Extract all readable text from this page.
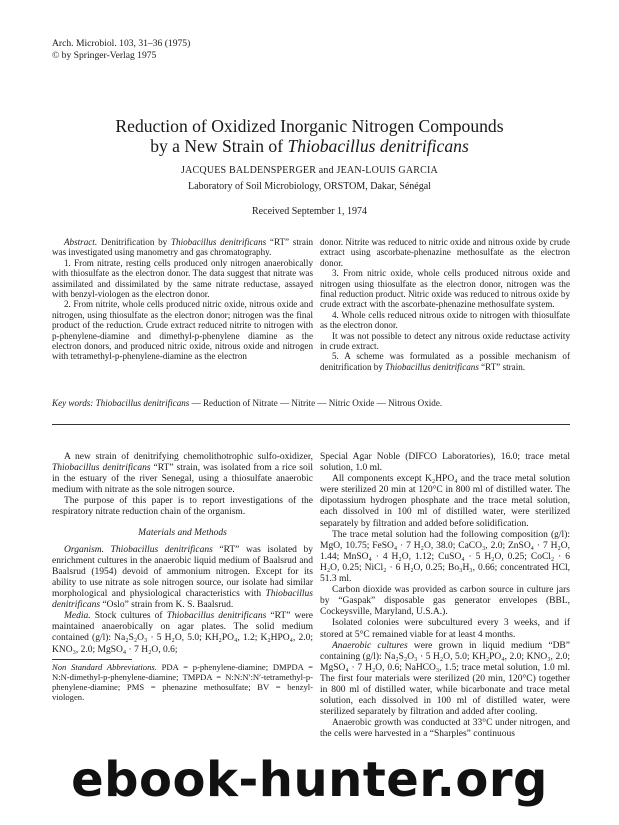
Arch. Microbiol. 103, 31–36 (1975)
© by Springer-Verlag 1975
Reduction of Oxidized Inorganic Nitrogen Compounds
by a New Strain of Thiobacillus denitrificans
JACQUES BALDENSPERGER and JEAN-LOUIS GARCIA
Laboratory of Soil Microbiology, ORSTOM, Dakar, Sénégal
Received September 1, 1974

Abstract. Denitrification by Thiobacillus denitrificans “RT” strain was investigated using manometry and gas chromatography.

1. From nitrate, resting cells produced only nitrogen anaerobically with thiosulfate as the electron donor. The data suggest that nitrate was assimilated and dissimilated by the same nitrate reductase, assayed with benzyl-viologen as the electron donor.

2. From nitrite, whole cells produced nitric oxide, nitrous oxide and nitrogen, using thiosulfate as the electron donor; nitrogen was the final product of the reduction. Crude extract reduced nitrite to nitrogen with p-phenylene-diamine and dimethyl-p-phenylene diamine as the electron donors, and produced nitric oxide, nitrous oxide and nitrogen with tetramethyl-p-phenylene-diamine as the electron

donor. Nitrite was reduced to nitric oxide and nitrous oxide by crude extract using ascorbate-phenazine methosulfate as the electron donor.

3. From nitric oxide, whole cells produced nitrous oxide and nitrogen using thiosulfate as the electron donor, nitrogen was the final reduction product. Nitric oxide was reduced to nitrous oxide by crude extract with the ascorbate-phenazine methosulfate system.

4. Whole cells reduced nitrous oxide to nitrogen with thiosulfate as the electron donor.

It was not possible to detect any nitrous oxide reductase activity in crude extract.

5. A scheme was formulated as a possible mechanism of denitrification by Thiobacillus denitrificans “RT” strain.

Key words: Thiobacillus denitrificans — Reduction of Nitrate — Nitrite — Nitric Oxide — Nitrous Oxide.

A new strain of denitrifying chemolithotrophic sulfo-oxidizer, Thiobacillus denitrificans “RT” strain, was isolated from a rice soil in the estuary of the river Senegal, using a thiosulfate anaerobic medium with nitrate as the sole nitrogen source.

The purpose of this paper is to report investigations of the respiratory nitrate reduction chain of the organism.

Materials and Methods

Organism. Thiobacillus denitrificans “RT” was isolated by enrichment cultures in the anaerobic liquid medium of Baalsrud and Baalsrud (1954) devoid of ammonium nitrogen. Except for its ability to use nitrate as sole nitrogen source, our isolate had similar morphological and physiological characteristics with Thiobacillus denitrificans “Oslo” strain from K. S. Baalsrud.

Media. Stock cultures of Thiobacillus denitrificans “RT” were maintained anaerobically on agar plates. The solid medium contained (g/l): Na₂S₂O₃ · 5 H₂O, 5.0; KH₂PO₄, 1.2; K₂HPO₄, 2.0; KNO₃, 2.0; MgSO₄ · 7 H₂O, 0.6;

Non Standard Abbreviations. PDA = p-phenylene-diamine; DMPDA = N:N-dimethyl-p-phenylene-diamine; TMPDA = N:N:N′:N′-tetramethyl-p-phenylene-diamine; PMS = phenazine methosulfate; BV = benzyl-viologen.

Special Agar Noble (DIFCO Laboratories), 16.0; trace metal solution, 1.0 ml.

All components except K₂HPO₄ and the trace metal solution were sterilized 20 min at 120°C in 800 ml of distilled water. The dipotassium hydrogen phosphate and the trace metal solution, each dissolved in 100 ml of distilled water, were sterilized separately by filtration and added before solidification.

The trace metal solution had the following composition (g/l): MgO, 10.75; FeSO₄ · 7 H₂O, 38.0; CaCO₃, 2.0; ZnSO₄ · 7 H₂O, 1.44; MnSO₄ · 4 H₂O, 1.12; CuSO₄ · 5 H₂O, 0.25; CoCl₂ · 6 H₂O, 0.25; NiCl₂ · 6 H₂O, 0.25; Bo₃H₃, 0.66; concentrated HCl, 51.3 ml.

Carbon dioxide was provided as carbon source in culture jars by “Gaspak” disposable gas generator envelopes (BBL, Cockeysville, Maryland, U.S.A.).

Isolated colonies were subcultured every 3 weeks, and if stored at 5°C remained viable for at least 4 months.

Anaerobic cultures were grown in liquid medium “DB” containing (g/l): Na₂S₂O₃ · 5 H₂O, 5.0; KH₂PO₄, 2.0; KNO₃, 2.0; MgSO₄ · 7 H₂O, 0.6; NaHCO₃, 1.5; trace metal solution, 1.0 ml. The first four materials were sterilized (20 min, 120°C) together in 800 ml of distilled water, while bicarbonate and trace metal solution, each dissolved in 100 ml of distilled water, were sterilized separately by filtration and added after cooling.

Anaerobic growth was conducted at 33°C under nitrogen, and the cells were harvested in a “Sharples” continuous

ebook-hunter.org
